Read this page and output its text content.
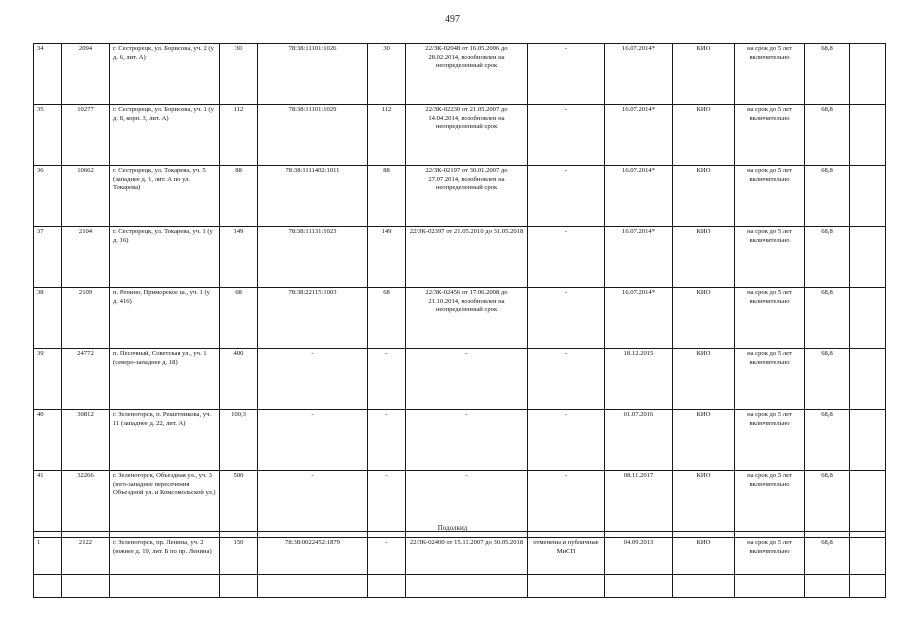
497
34	2094	г. Сестрорецк, ул. Борисова, уч. 2 (у д. 6, лит. А)	30	78:38:11101:1026	30	22/ЗК-02048 от 16.05.2006 до 28.02.2014, возобновлен на неопределенный срок	-	16.07.2014*	КИО	на срок до 5 лет включительно	68,8	
35	10277	г. Сестрорецк, ул. Борисова, уч. 1 (у д. 8, корп. 3, лит. А)	112	78:38:11101:1029	112	22/ЗК-02230 от 21.05.2007 до 14.04.2014, возобновлен на неопределенный срок	-	16.07.2014*	КИО	на срок до 5 лет включительно	68,8	
36	10662	г. Сестрорецк, ул. Токарева, уч. 5 (западнее д. 1, лит. А по ул. Токарева)	88	78:38:1111402:1011	88	22/ЗК-02197 от 30.01.2007 до 27.07.2014, возобновлен на неопределенный срок	-	16.07.2014*	КИО	на срок до 5 лет включительно	68,8	
37	2104	г. Сестрорецк, ул. Токарева, уч. 1 (у д. 16)	149	78:38:11131:1023	149	22/ЗК-02397 от 21.05.2010 до 31.05.2018	-	16.07.2014*	КИО	на срок до 5 лет включительно	68,8	
38	2109	п. Репино, Приморское ш., уч. 1 (у д. 416)	68	78:38:22115:1003	68	22/ЗК-02456 от 17.06.2008 до 21.10.2014, возобновлен на неопределенный срок	-	16.07.2014*	КИО	на срок до 5 лет включительно	68,8	
39	24772	п. Песочный, Советская ул., уч. 1 (северо-западнее д. 18)	400	-	-	-	-	18.12.2015	КИО	на срок до 5 лет включительно	68,8	
40	30812	г. Зеленогорск, п. Решетникова, уч. 11 (западнее д. 22, лит. А)	100,3	-	-	-	-	01.07.2016	КИО	на срок до 5 лет включительно	68,8	
41	32266	г. Зеленогорск, Объездная ул., уч. 3 (юго-западнее пересечения Объездной ул. и Комсомольской ул.)	500	-	-	-	-	08.11.2017	КИО	на срок до 5 лет включительно	68,8	

Подолкид
1	2122	г. Зеленогорск, пр. Ленина, уч. 2 (южнее д. 19, лит. Б по пр. Ленина)	150	78:38:0022452:1879	-	22/ЗК-02400 от 15.11.2007 до 30.05.2018	отменены и публичные МиСП	04.09.2013	КИО	на срок до 5 лет включительно	68,8	
